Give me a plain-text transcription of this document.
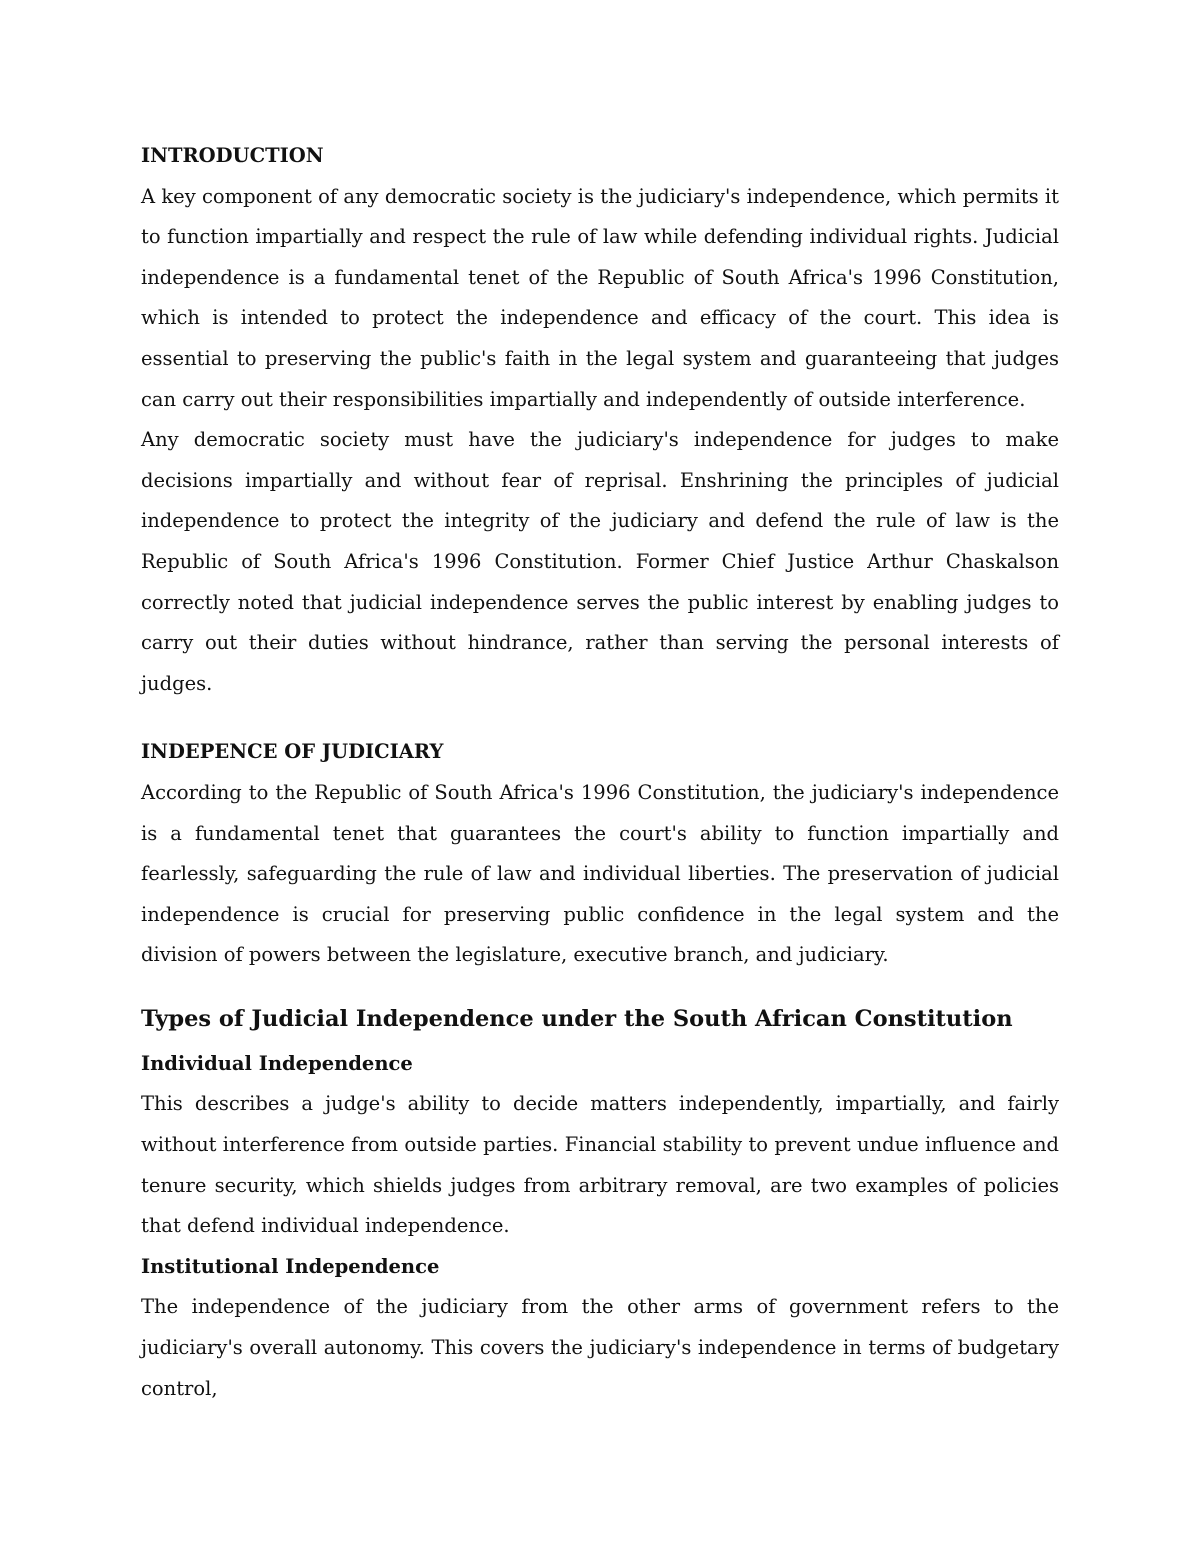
INTRODUCTION

A key component of any democratic society is the judiciary's independence, which permits it to function impartially and respect the rule of law while defending individual rights. Judicial independence is a fundamental tenet of the Republic of South Africa's 1996 Constitution, which is intended to protect the independence and efficacy of the court. This idea is essential to preserving the public's faith in the legal system and guaranteeing that judges can carry out their responsibilities impartially and independently of outside interference.

Any democratic society must have the judiciary's independence for judges to make decisions impartially and without fear of reprisal. Enshrining the principles of judicial independence to protect the integrity of the judiciary and defend the rule of law is the Republic of South Africa's 1996 Constitution. Former Chief Justice Arthur Chaskalson correctly noted that judicial independence serves the public interest by enabling judges to carry out their duties without hindrance, rather than serving the personal interests of judges.

INDEPENCE OF JUDICIARY

According to the Republic of South Africa's 1996 Constitution, the judiciary's independence is a fundamental tenet that guarantees the court's ability to function impartially and fearlessly, safeguarding the rule of law and individual liberties. The preservation of judicial independence is crucial for preserving public confidence in the legal system and the division of powers between the legislature, executive branch, and judiciary.

Types of Judicial Independence under the South African Constitution

Individual Independence

This describes a judge's ability to decide matters independently, impartially, and fairly without interference from outside parties. Financial stability to prevent undue influence and tenure security, which shields judges from arbitrary removal, are two examples of policies that defend individual independence.

Institutional Independence

The independence of the judiciary from the other arms of government refers to the judiciary's overall autonomy. This covers the judiciary's independence in terms of budgetary control,
